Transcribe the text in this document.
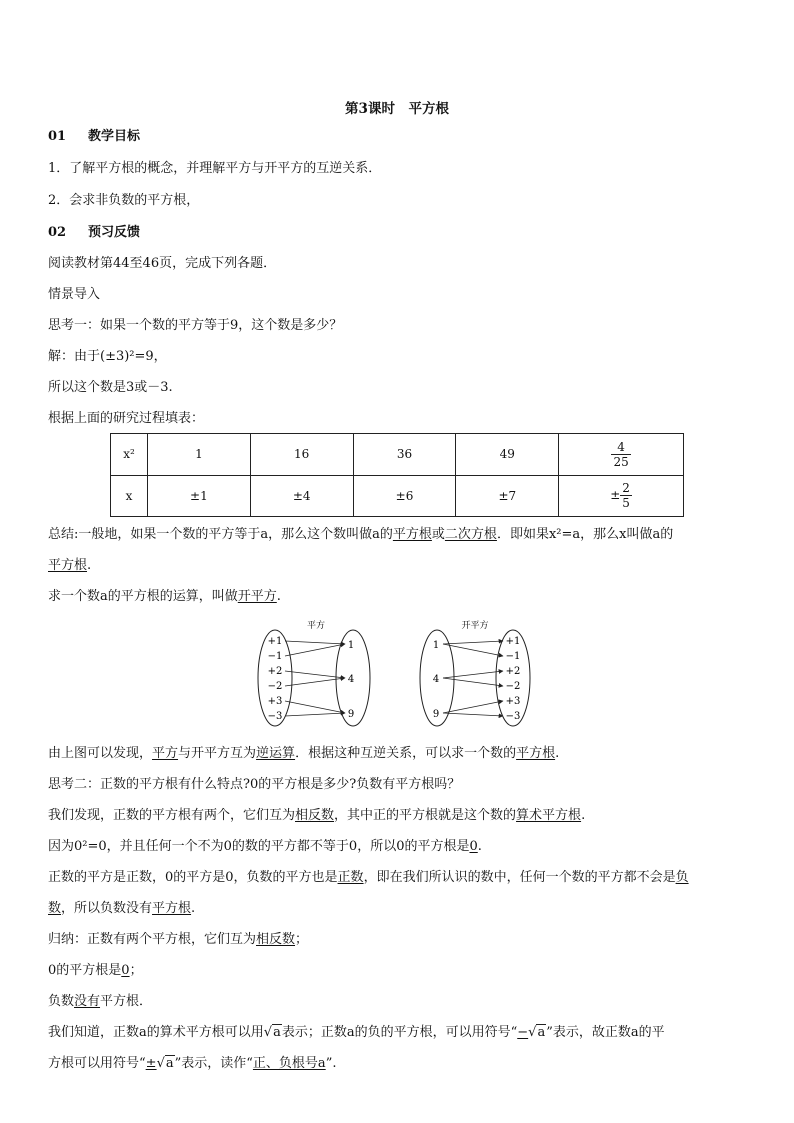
第3课时　平方根
01 教学目标
1．了解平方根的概念，并理解平方与开平方的互逆关系．
2．会求非负数的平方根，
02 预习反馈
阅读教材第44至46页，完成下列各题．
情景导入
思考一：如果一个数的平方等于9，这个数是多少？
解：由于(±3)²=9，
所以这个数是3或－3.
根据上面的研究过程填表：
x²	1	16	36	49	$\frac{4}{25}$

x	±1	±4	±6	±7	± $\frac{2}{5}$
总结:一般地，如果一个数的平方等于a，那么这个数叫做a的平方根或二次方根．即如果x²=a，那么x叫做a的
平方根.
求一个数a的平方根的运算，叫做开平方.
平方
+1
−1
+2
−2
+3
−3
1
4
9
开平方
1
4
9
+1
−1
+2
−2
+3
−3
由上图可以发现，平方与开平方互为逆运算．根据这种互逆关系，可以求一个数的平方根.
思考二：正数的平方根有什么特点?0的平方根是多少?负数有平方根吗？
我们发现，正数的平方根有两个，它们互为相反数，其中正的平方根就是这个数的算术平方根.
因为0²=0，并且任何一个不为0的数的平方都不等于0，所以0的平方根是0.
正数的平方是正数，0的平方是0，负数的平方也是正数，即在我们所认识的数中，任何一个数的平方都不会是负
数，所以负数没有平方根.
归纳：正数有两个平方根，它们互为相反数；
0的平方根是0；
负数没有平方根．
我们知道，正数a的算术平方根可以用√a表示；正数a的负的平方根，可以用符号“−√a”表示，故正数a的平
方根可以用符号“±√a”表示，读作“正、负根号a”.
